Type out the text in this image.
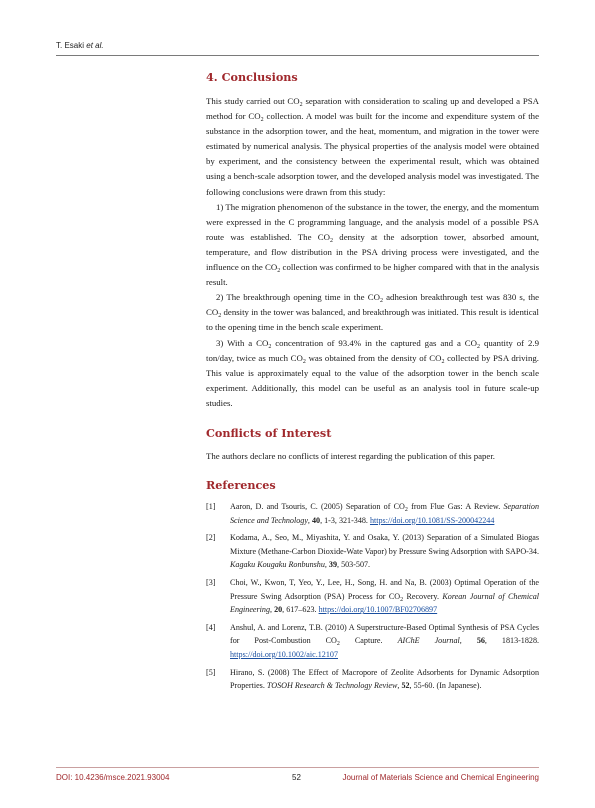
T. Esaki et al.
4. Conclusions

This study carried out $CO_2$ separation with consideration to scaling up and developed a PSA method for $CO_2$ collection. A model was built for the income and expenditure system of the substance in the adsorption tower, and the heat, momentum, and migration in the tower were estimated by numerical analysis. The physical properties of the analysis model were obtained by experiment, and the consistency between the experimental result, which was obtained using a bench-scale adsorption tower, and the developed analysis model was investigated. The following conclusions were drawn from this study:

1) The migration phenomenon of the substance in the tower, the energy, and the momentum were expressed in the C programming language, and the analysis model of a possible PSA route was established. The $CO_2$ density at the adsorption tower, absorbed amount, temperature, and flow distribution in the PSA driving process were investigated, and the influence on the $CO_2$ collection was confirmed to be higher compared with that in the analysis result.

2) The breakthrough opening time in the $CO_2$ adhesion breakthrough test was 830 s, the $CO_2$ density in the tower was balanced, and breakthrough was initiated. This result is identical to the opening time in the bench scale experiment.

3) With a $CO_2$ concentration of 93.4% in the captured gas and a $CO_2$ quantity of 2.9 ton/day, twice as much $CO_2$ was obtained from the density of $CO_2$ collected by PSA driving. This value is approximately equal to the value of the adsorption tower in the bench scale experiment. Additionally, this model can be useful as an analysis tool in future scale-up studies.

Conflicts of Interest

The authors declare no conflicts of interest regarding the publication of this paper.

References
[1] Aaron, D. and Tsouris, C. (2005) Separation of $CO_2$ from Flue Gas: A Review. Separation Science and Technology, 40, 1-3, 321-348. https://doi.org/10.1081/SS-200042244
[2] Kodama, A., Seo, M., Miyashita, Y. and Osaka, Y. (2013) Separation of a Simulated Biogas Mixture (Methane-Carbon Dioxide-Wate Vapor) by Pressure Swing Adsorption with SAPO-34. Kagaku Kougaku Ronbunshu, 39, 503-507.
[3] Choi, W., Kwon, T, Yeo, Y., Lee, H., Song, H. and Na, B. (2003) Optimal Operation of the Pressure Swing Adsorption (PSA) Process for $CO_2$ Recovery. Korean Journal of Chemical Engineering, 20, 617–623. https://doi.org/10.1007/BF02706897
[4] Anshul, A. and Lorenz, T.B. (2010) A Superstructure-Based Optimal Synthesis of PSA Cycles for Post-Combustion $CO_2$ Capture. AIChE Journal, 56, 1813-1828. https://doi.org/10.1002/aic.12107
[5] Hirano, S. (2008) The Effect of Macropore of Zeolite Adsorbents for Dynamic Adsorption Properties. TOSOH Research & Technology Review, 52, 55-60. (In Japanese).
DOI: 10.4236/msce.2021.93004	52	Journal of Materials Science and Chemical Engineering
